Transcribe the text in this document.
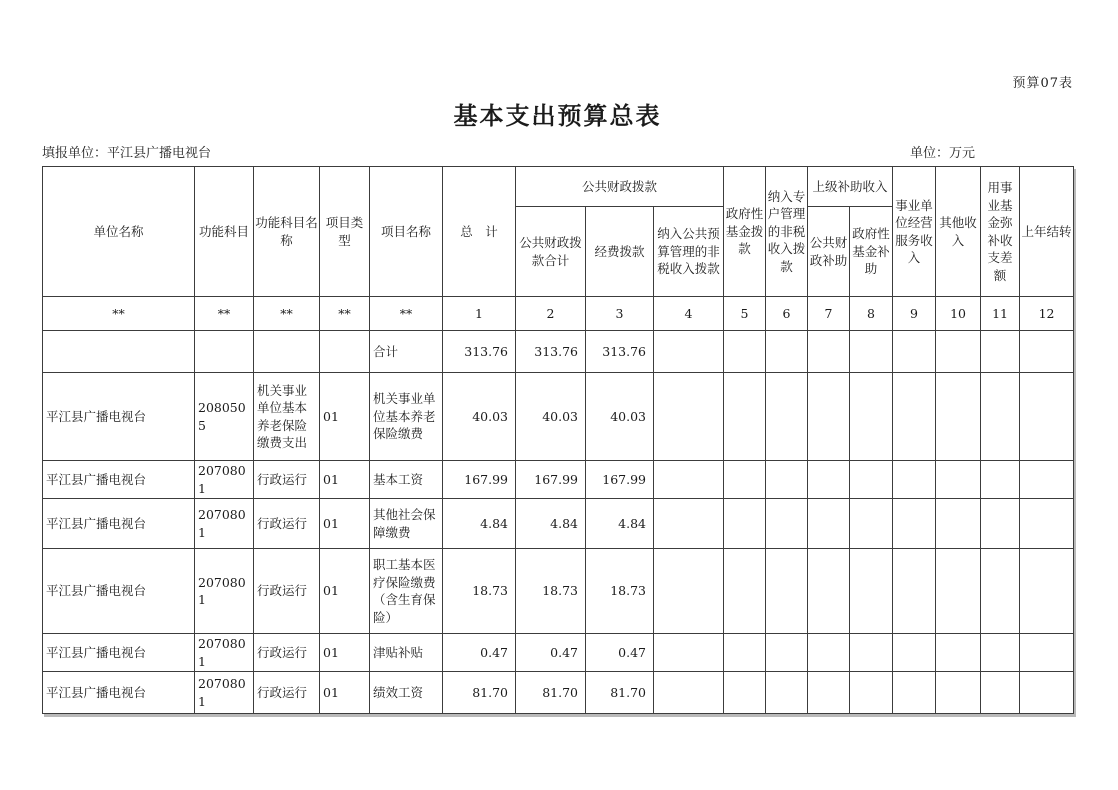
预算07表
基本支出预算总表
填报单位：平江县广播电视台	单位：万元
单位名称	功能科目	功能科目名称	项目类型	项目名称	总　计	公共财政拨款			政府性基金拨款	纳入专户管理的非税收入拨款	上级补助收入		事业单位经营服务收入	其他收入	用事业基金弥补收支差额	上年结转
						公共财政拨款合计	经费拨款	纳入公共预算管理的非税收入拨款			公共财政补助	政府性基金补助				
**	**	**	**	**	1	2	3	4	5	6	7	8	9	10	11	12
				合计	313.76	313.76	313.76									
平江县广播电视台	2080505	机关事业单位基本养老保险缴费支出	01	机关事业单位基本养老保险缴费	40.03	40.03	40.03									
平江县广播电视台	2070801	行政运行	01	基本工资	167.99	167.99	167.99									
平江县广播电视台	2070801	行政运行	01	其他社会保障缴费	4.84	4.84	4.84									
平江县广播电视台	2070801	行政运行	01	职工基本医疗保险缴费（含生育保险）	18.73	18.73	18.73									
平江县广播电视台	2070801	行政运行	01	津贴补贴	0.47	0.47	0.47									
平江县广播电视台	2070801	行政运行	01	绩效工资	81.70	81.70	81.70									
